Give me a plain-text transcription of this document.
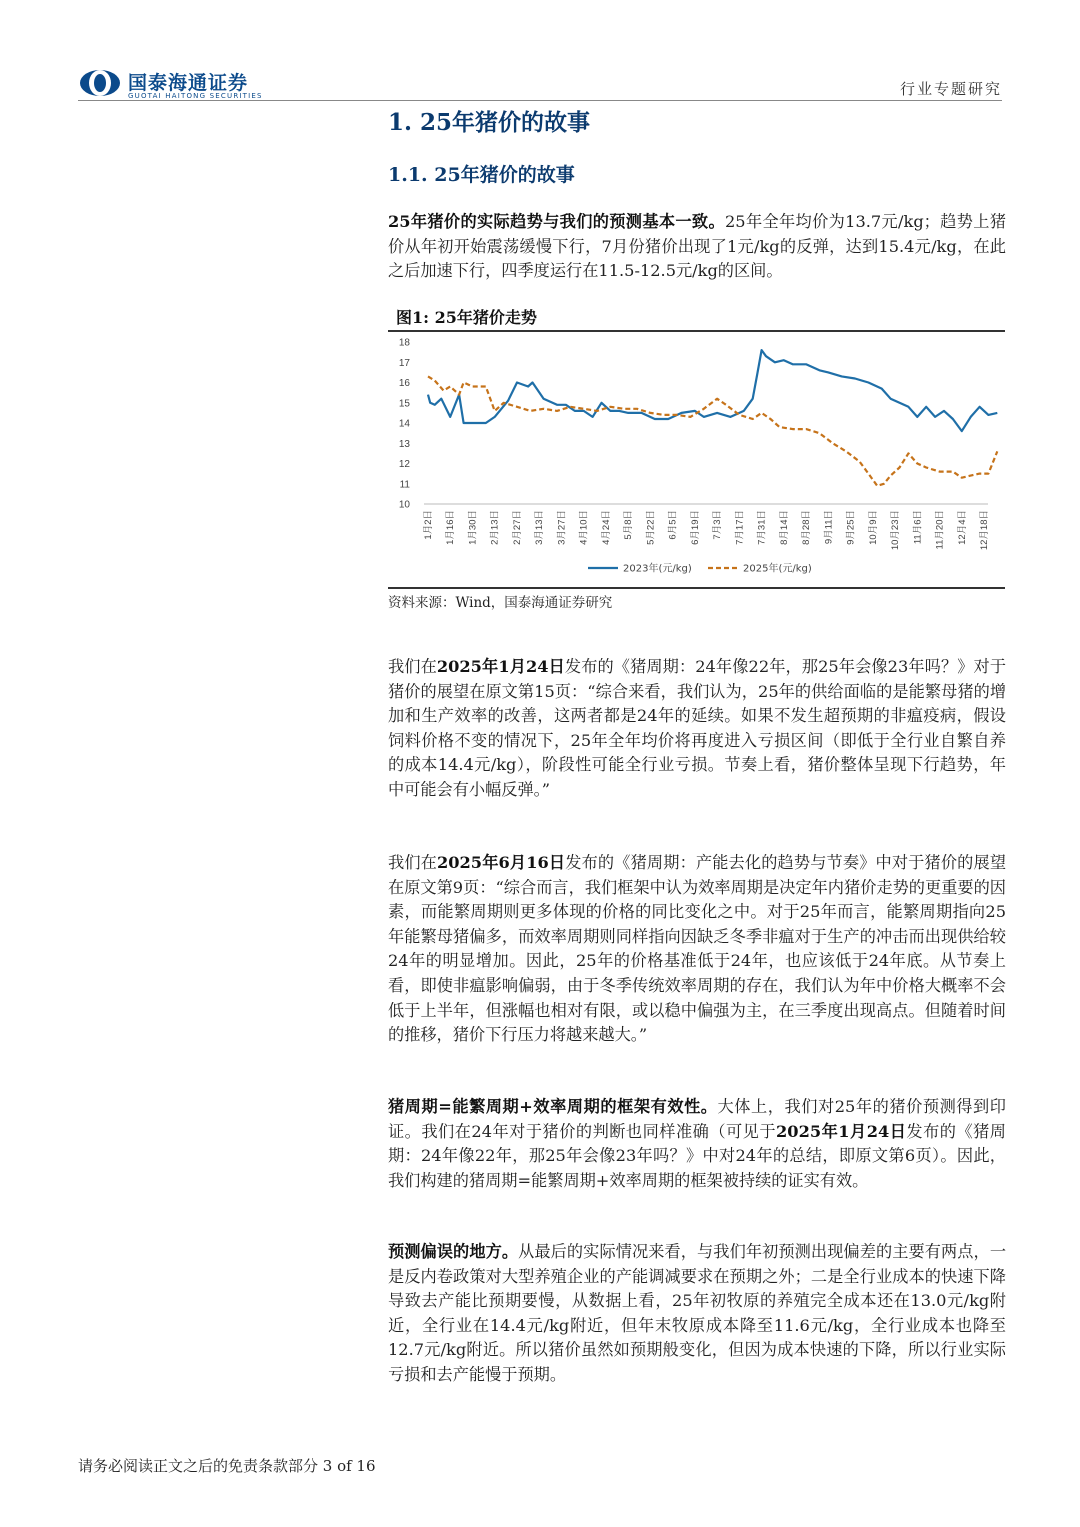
国泰海通证券
GUOTAI HAITONG SECURITIES	行业专题研究
1. 25年猪价的故事
1.1. 25年猪价的故事

25年猪价的实际趋势与我们的预测基本一致。25年全年均价为13.7元/kg；趋势上猪价从年初开始震荡缓慢下行，7月份猪价出现了1元/kg的反弹，达到15.4元/kg，在此之后加速下行，四季度运行在11.5-12.5元/kg的区间。

图1: 25年猪价走势
10
11
12
13
14
15
16
17
18
1月2日 1月16日 1月30日 2月13日 2月27日 3月13日 3月27日 4月10日 4月24日 5月8日 5月22日 6月5日 6月19日 7月3日 7月17日 7月31日 8月14日 8月28日 9月11日 9月25日 10月9日 10月23日 11月6日 11月20日 12月4日 12月18日
2023年(元/kg)	2025年(元/kg)
资料来源：Wind，国泰海通证券研究

我们在2025年1月24日发布的《猪周期：24年像22年，那25年会像23年吗？》对于猪价的展望在原文第15页：“综合来看，我们认为，25年的供给面临的是能繁母猪的增加和生产效率的改善，这两者都是24年的延续。如果不发生超预期的非瘟疫病，假设饲料价格不变的情况下，25年全年均价将再度进入亏损区间（即低于全行业自繁自养的成本14.4元/kg），阶段性可能全行业亏损。节奏上看，猪价整体呈现下行趋势，年中可能会有小幅反弹。”

我们在2025年6月16日发布的《猪周期：产能去化的趋势与节奏》中对于猪价的展望在原文第9页：“综合而言，我们框架中认为效率周期是决定年内猪价走势的更重要的因素，而能繁周期则更多体现的价格的同比变化之中。对于25年而言，能繁周期指向25年能繁母猪偏多，而效率周期则同样指向因缺乏冬季非瘟对于生产的冲击而出现供给较24年的明显增加。因此，25年的价格基准低于24年，也应该低于24年底。从节奏上看，即使非瘟影响偏弱，由于冬季传统效率周期的存在，我们认为年中价格大概率不会低于上半年，但涨幅也相对有限，或以稳中偏强为主，在三季度出现高点。但随着时间的推移，猪价下行压力将越来越大。”

猪周期=能繁周期+效率周期的框架有效性。大体上，我们对25年的猪价预测得到印证。我们在24年对于猪价的判断也同样准确（可见于2025年1月24日发布的《猪周期：24年像22年，那25年会像23年吗？》中对24年的总结，即原文第6页）。因此，我们构建的猪周期=能繁周期+效率周期的框架被持续的证实有效。

预测偏误的地方。从最后的实际情况来看，与我们年初预测出现偏差的主要有两点，一是反内卷政策对大型养殖企业的产能调减要求在预期之外；二是全行业成本的快速下降导致去产能比预期要慢，从数据上看，25年初牧原的养殖完全成本还在13.0元/kg附近，全行业在14.4元/kg附近，但年末牧原成本降至11.6元/kg，全行业成本也降至12.7元/kg附近。所以猪价虽然如预期般变化，但因为成本快速的下降，所以行业实际亏损和去产能慢于预期。

请务必阅读正文之后的免责条款部分 3 of 16
